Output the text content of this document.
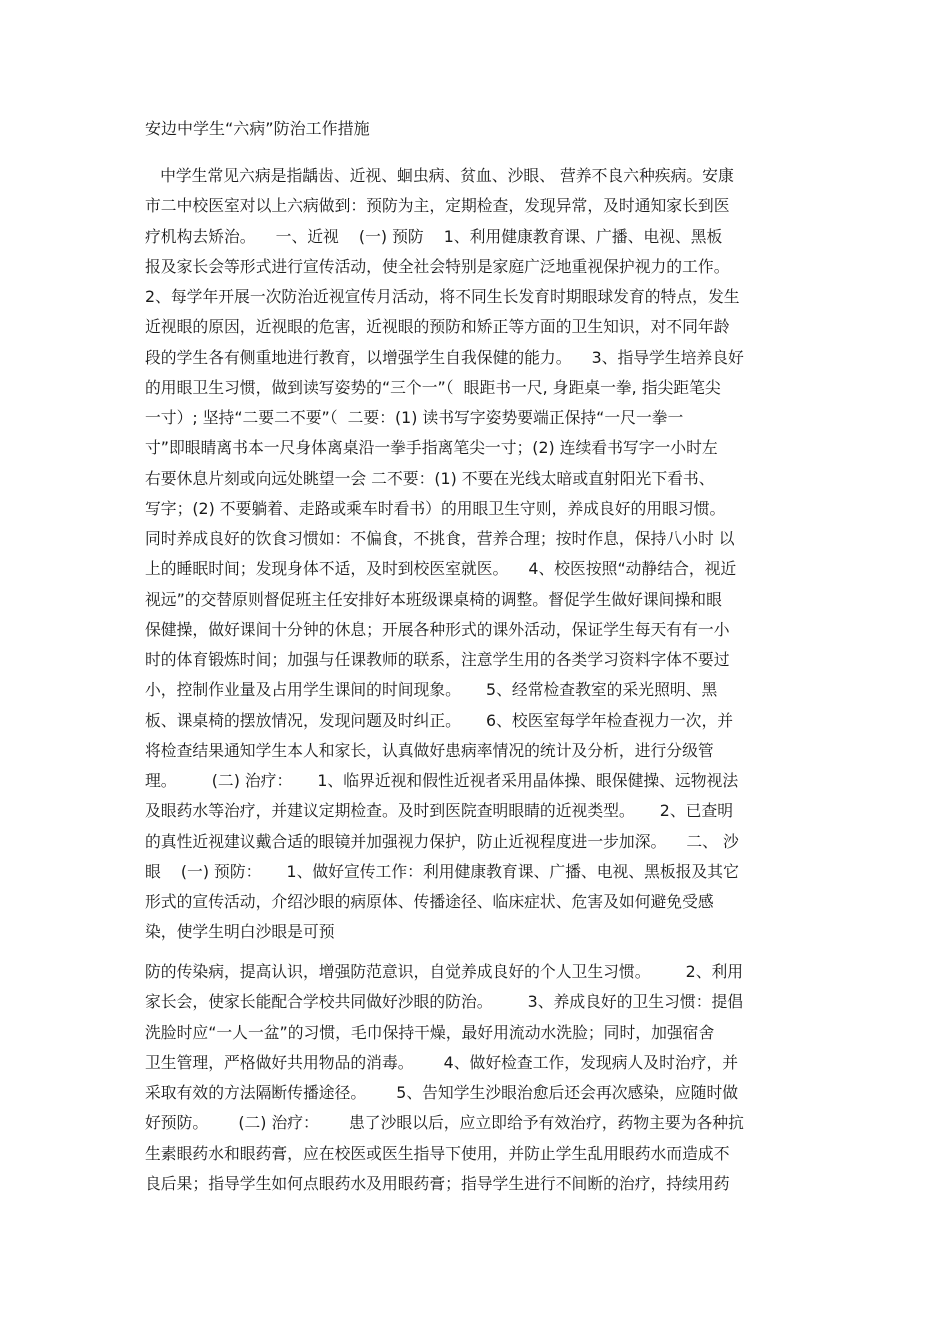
安边中学生“六病”防治工作措施
中学生常见六病是指龋齿、近视、蛔虫病、贫血、沙眼、 营养不良六种疾病。安康
市二中校医室对以上六病做到：预防为主，定期检查，发现异常，及时通知家长到医
疗机构去矫治。    一、近视    (一) 预防    1、利用健康教育课、广播、电视、黑板
报及家长会等形式进行宣传活动，使全社会特别是家庭广泛地重视保护视力的工作。
2、每学年开展一次防治近视宣传月活动，将不同生长发育时期眼球发育的特点，发生
近视眼的原因，近视眼的危害，近视眼的预防和矫正等方面的卫生知识，对不同年龄
段的学生各有侧重地进行教育，以增强学生自我保健的能力。    3、指导学生培养良好
的用眼卫生习惯，做到读写姿势的“三个一”（  眼距书一尺, 身距桌一拳, 指尖距笔尖
一寸）; 坚持“二要二不要”（  二要：(1) 读书写字姿势要端正保持“一尺一拳一
寸”即眼睛离书本一尺身体离桌沿一拳手指离笔尖一寸；(2) 连续看书写字一小时左
右要休息片刻或向远处眺望一会 二不要：(1) 不要在光线太暗或直射阳光下看书、
写字；(2) 不要躺着、走路或乘车时看书）的用眼卫生守则，养成良好的用眼习惯。
同时养成良好的饮食习惯如：不偏食，不挑食，营养合理；按时作息，保持八小时 以
上的睡眠时间；发现身体不适，及时到校医室就医。    4、校医按照“动静结合，视近
视远”的交替原则督促班主任安排好本班级课桌椅的调整。督促学生做好课间操和眼
保健操，做好课间十分钟的休息；开展各种形式的课外活动，保证学生每天有有一小
时的体育锻炼时间；加强与任课教师的联系，注意学生用的各类学习资料字体不要过
小，控制作业量及占用学生课间的时间现象。     5、经常检查教室的采光照明、黑
板、课桌椅的摆放情况，发现问题及时纠正。     6、校医室每学年检查视力一次，并
将检查结果通知学生本人和家长，认真做好患病率情况的统计及分析，进行分级管
理。       (二) 治疗：     1、临界近视和假性近视者采用晶体操、眼保健操、远物视法
及眼药水等治疗，并建议定期检查。及时到医院查明眼睛的近视类型。     2、已查明
的真性近视建议戴合适的眼镜并加强视力保护，防止近视程度进一步加深。    二、 沙
眼    (一) 预防：     1、做好宣传工作：利用健康教育课、广播、电视、黑板报及其它
形式的宣传活动，介绍沙眼的病原体、传播途径、临床症状、危害及如何避免受感
染，使学生明白沙眼是可预
防的传染病，提高认识，增强防范意识，自觉养成良好的个人卫生习惯。       2、利用
家长会，使家长能配合学校共同做好沙眼的防治。       3、养成良好的卫生习惯：提倡
洗脸时应“一人一盆”的习惯，毛巾保持干燥，最好用流动水洗脸；同时，加强宿舍
卫生管理，严格做好共用物品的消毒。      4、做好检查工作，发现病人及时治疗，并
采取有效的方法隔断传播途径。      5、告知学生沙眼治愈后还会再次感染，应随时做
好预防。      (二) 治疗：      患了沙眼以后，应立即给予有效治疗，药物主要为各种抗
生素眼药水和眼药膏，应在校医或医生指导下使用，并防止学生乱用眼药水而造成不
良后果；指导学生如何点眼药水及用眼药膏；指导学生进行不间断的治疗，持续用药
